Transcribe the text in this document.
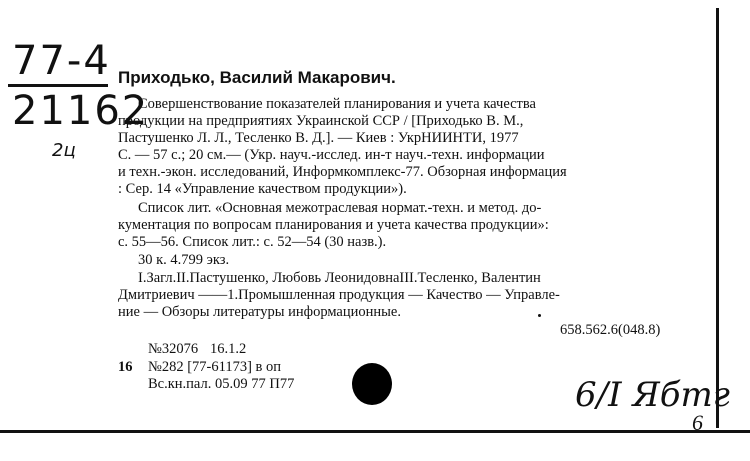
77-4
21162
2ц
Приходько, Василий Макарович.
Совершенствование показателей планирования и учета качества
продукции на предприятиях Украинской ССР / [Приходько В. М.,
Пастушенко Л. Л., Тесленко В. Д.]. — Киев : УкрНИИНТИ, 1977
С. — 57 с.; 20 см.— (Укр. науч.-исслед. ин-т науч.-техн. информации
и техн.-экон. исследований, Информкомплекс-77. Обзорная информация
: Сер. 14 «Управление качеством продукции»).
Список лит. «Основная межотраслевая нормат.-техн. и метод. до-
кументация по вопросам планирования и учета качества продукции»:
с. 55—56. Список лит.: с. 52—54 (30 назв.).
30 к. 4.799 экз.
I.Загл.II.Пастушенко, Любовь ЛеонидовнаIII.Тесленко, Валентин
Дмитриевич ——1.Промышленная продукция — Качество — Управле-
ние — Обзоры литературы информационные.
658.562.6(048.8)
№32076 16.1.2
16 №282 [77-61173] в оп
Вс.кн.пал. 05.09 77 П77	6/I Ябтг
6
